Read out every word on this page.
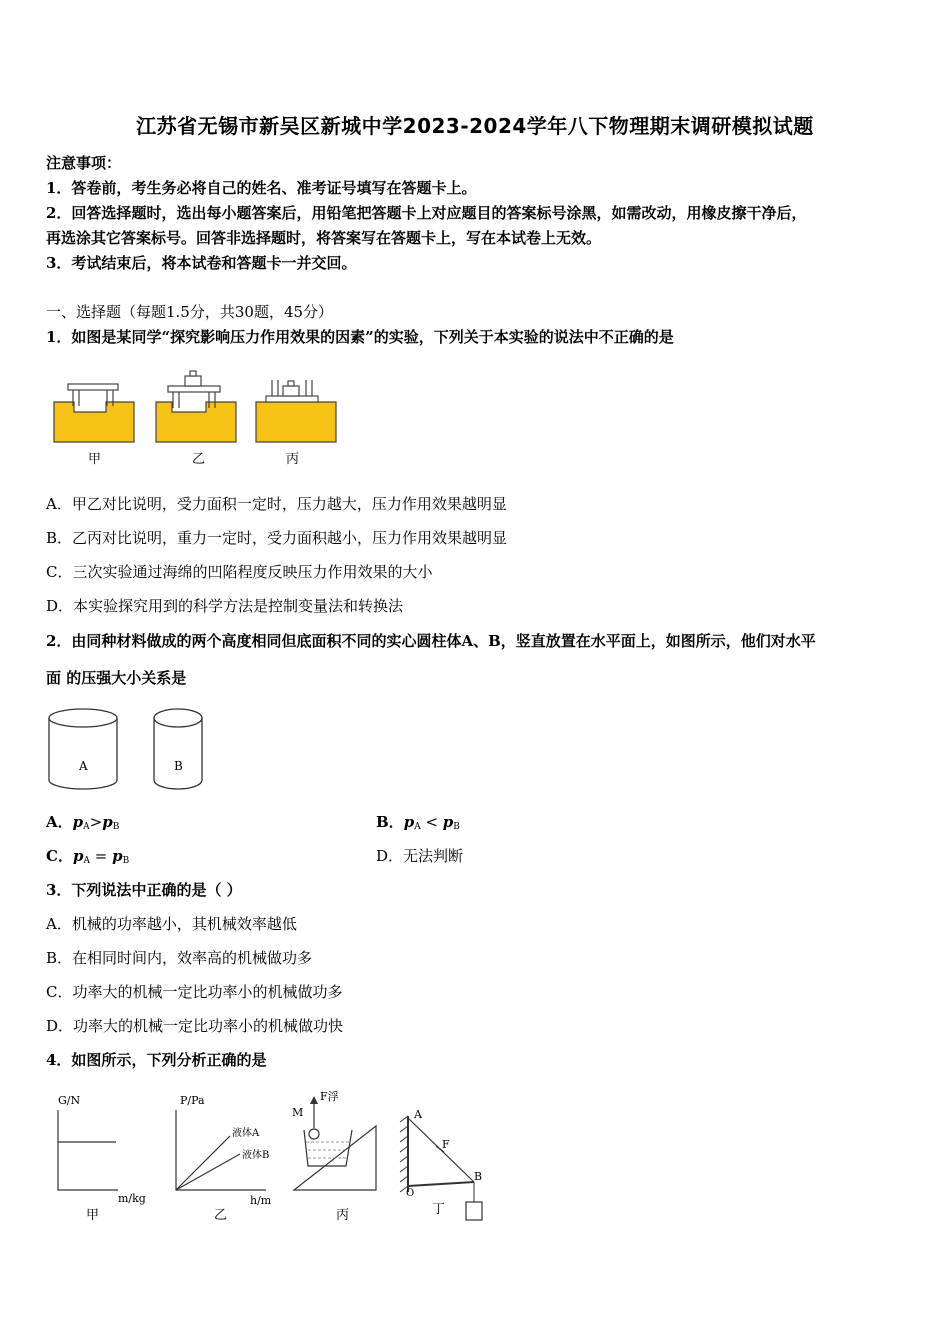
江苏省无锡市新吴区新城中学2023-2024学年八下物理期末调研模拟试题
注意事项：
1．答卷前，考生务必将自己的姓名、准考证号填写在答题卡上。
2．回答选择题时，选出每小题答案后，用铅笔把答题卡上对应题目的答案标号涂黑，如需改动，用橡皮擦干净后，
再选涂其它答案标号。回答非选择题时，将答案写在答题卡上，写在本试卷上无效。
3．考试结束后，将本试卷和答题卡一并交回。
一、选择题（每题1.5分，共30题，45分）
1．如图是某同学“探究影响压力作用效果的因素”的实验，下列关于本实验的说法中不正确的是
甲	乙	丙
A．甲乙对比说明，受力面积一定时，压力越大，压力作用效果越明显
B．乙丙对比说明，重力一定时，受力面积越小，压力作用效果越明显
C．三次实验通过海绵的凹陷程度反映压力作用效果的大小
D．本实验探究用到的科学方法是控制变量法和转换法
2．由同种材料做成的两个高度相同但底面积不同的实心圆柱体A、B，竖直放置在水平面上，如图所示，他们对水平
面 的压强大小关系是
A	B
A．$p_A>p_B$	B．$p_A < p_B$
C．$p_A = p_B$	D．无法判断
3．下列说法中正确的是（ ）
A．机械的功率越小，其机械效率越低
B．在相同时间内，效率高的机械做功多
C．功率大的机械一定比功率小的机械做功多
D．功率大的机械一定比功率小的机械做功快
4．如图所示，下列分析正确的是
G/N
m/kg
甲
P/Pa
h/m
液体A
液体B
乙
F浮
M
丙
A
F
B
O
丁
